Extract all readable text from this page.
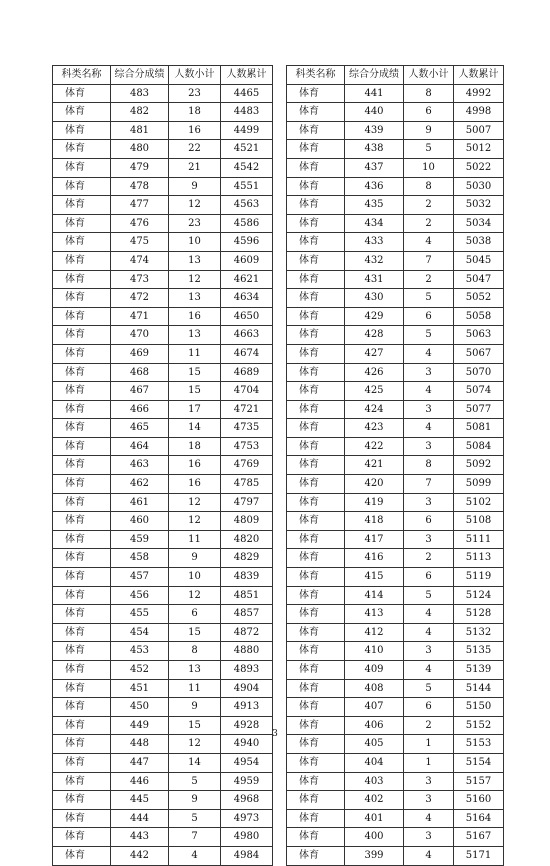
科类名称	综合分成绩	人数小计	人数累计
体育	483	23	4465
体育	482	18	4483
体育	481	16	4499
体育	480	22	4521
体育	479	21	4542
体育	478	9	4551
体育	477	12	4563
体育	476	23	4586
体育	475	10	4596
体育	474	13	4609
体育	473	12	4621
体育	472	13	4634
体育	471	16	4650
体育	470	13	4663
体育	469	11	4674
体育	468	15	4689
体育	467	15	4704
体育	466	17	4721
体育	465	14	4735
体育	464	18	4753
体育	463	16	4769
体育	462	16	4785
体育	461	12	4797
体育	460	12	4809
体育	459	11	4820
体育	458	9	4829
体育	457	10	4839
体育	456	12	4851
体育	455	6	4857
体育	454	15	4872
体育	453	8	4880
体育	452	13	4893
体育	451	11	4904
体育	450	9	4913
体育	449	15	4928
体育	448	12	4940
体育	447	14	4954
体育	446	5	4959
体育	445	9	4968
体育	444	5	4973
体育	443	7	4980
体育	442	4	4984
科类名称	综合分成绩	人数小计	人数累计
体育	441	8	4992
体育	440	6	4998
体育	439	9	5007
体育	438	5	5012
体育	437	10	5022
体育	436	8	5030
体育	435	2	5032
体育	434	2	5034
体育	433	4	5038
体育	432	7	5045
体育	431	2	5047
体育	430	5	5052
体育	429	6	5058
体育	428	5	5063
体育	427	4	5067
体育	426	3	5070
体育	425	4	5074
体育	424	3	5077
体育	423	4	5081
体育	422	3	5084
体育	421	8	5092
体育	420	7	5099
体育	419	3	5102
体育	418	6	5108
体育	417	3	5111
体育	416	2	5113
体育	415	6	5119
体育	414	5	5124
体育	413	4	5128
体育	412	4	5132
体育	410	3	5135
体育	409	4	5139
体育	408	5	5144
体育	407	6	5150
体育	406	2	5152
体育	405	1	5153
体育	404	1	5154
体育	403	3	5157
体育	402	3	5160
体育	401	4	5164
体育	400	3	5167
体育	399	4	5171
3
